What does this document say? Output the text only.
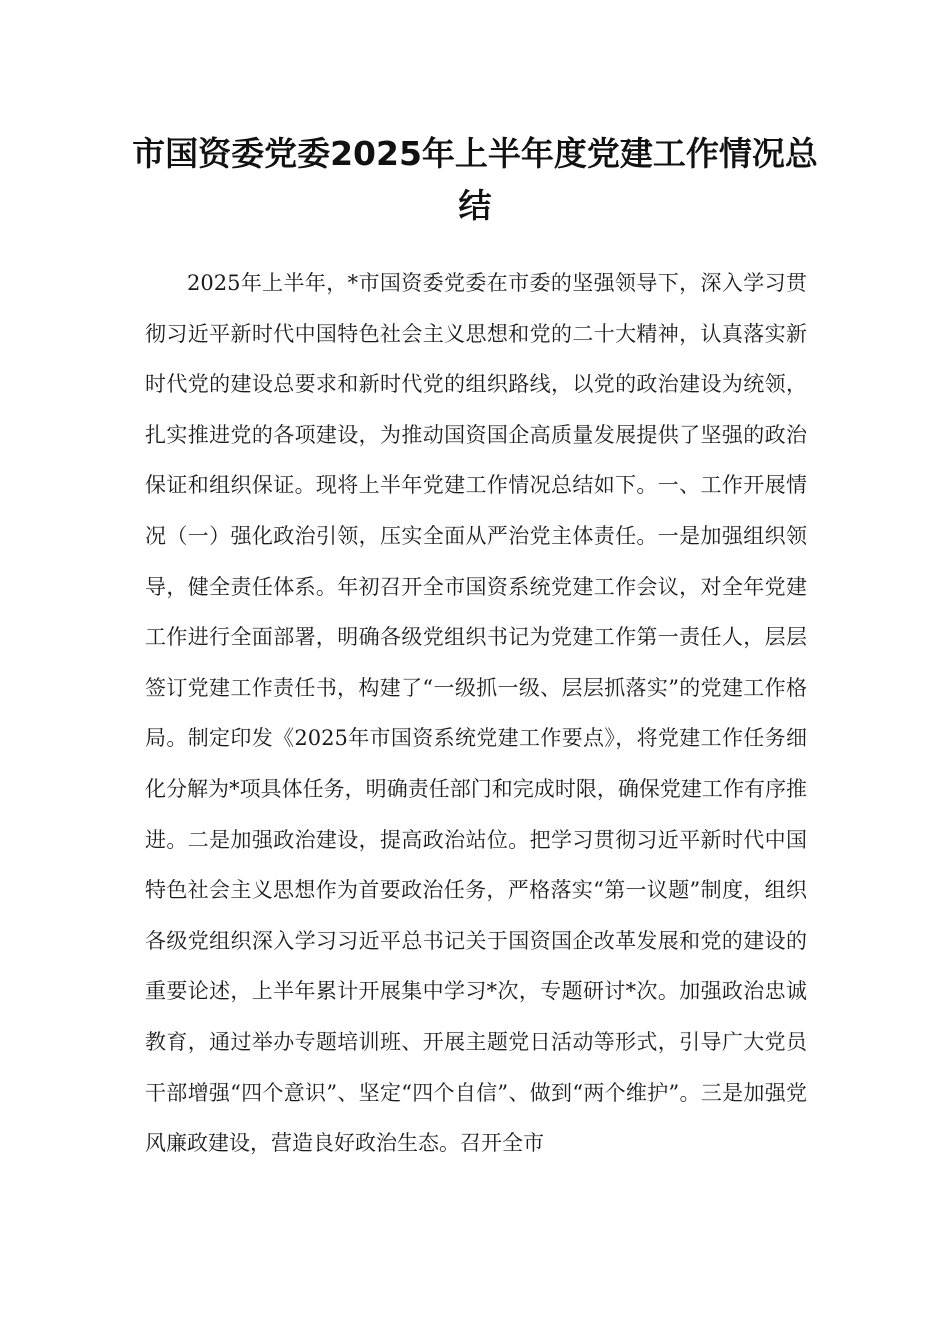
市国资委党委2025年上半年度党建工作情况总结

2025年上半年，*市国资委党委在市委的坚强领导下，深入学习贯彻习近平新时代中国特色社会主义思想和党的二十大精神，认真落实新时代党的建设总要求和新时代党的组织路线，以党的政治建设为统领，扎实推进党的各项建设，为推动国资国企高质量发展提供了坚强的政治保证和组织保证。现将上半年党建工作情况总结如下。一、工作开展情况（一）强化政治引领，压实全面从严治党主体责任。一是加强组织领导，健全责任体系。年初召开全市国资系统党建工作会议，对全年党建工作进行全面部署，明确各级党组织书记为党建工作第一责任人，层层签订党建工作责任书，构建了“一级抓一级、层层抓落实”的党建工作格局。制定印发《2025年市国资系统党建工作要点》，将党建工作任务细化分解为*项具体任务，明确责任部门和完成时限，确保党建工作有序推进。二是加强政治建设，提高政治站位。把学习贯彻习近平新时代中国特色社会主义思想作为首要政治任务，严格落实“第一议题”制度，组织各级党组织深入学习习近平总书记关于国资国企改革发展和党的建设的重要论述，上半年累计开展集中学习*次，专题研讨*次。加强政治忠诚教育，通过举办专题培训班、开展主题党日活动等形式，引导广大党员干部增强“四个意识”、坚定“四个自信”、做到“两个维护”。三是加强党风廉政建设，营造良好政治生态。召开全市
